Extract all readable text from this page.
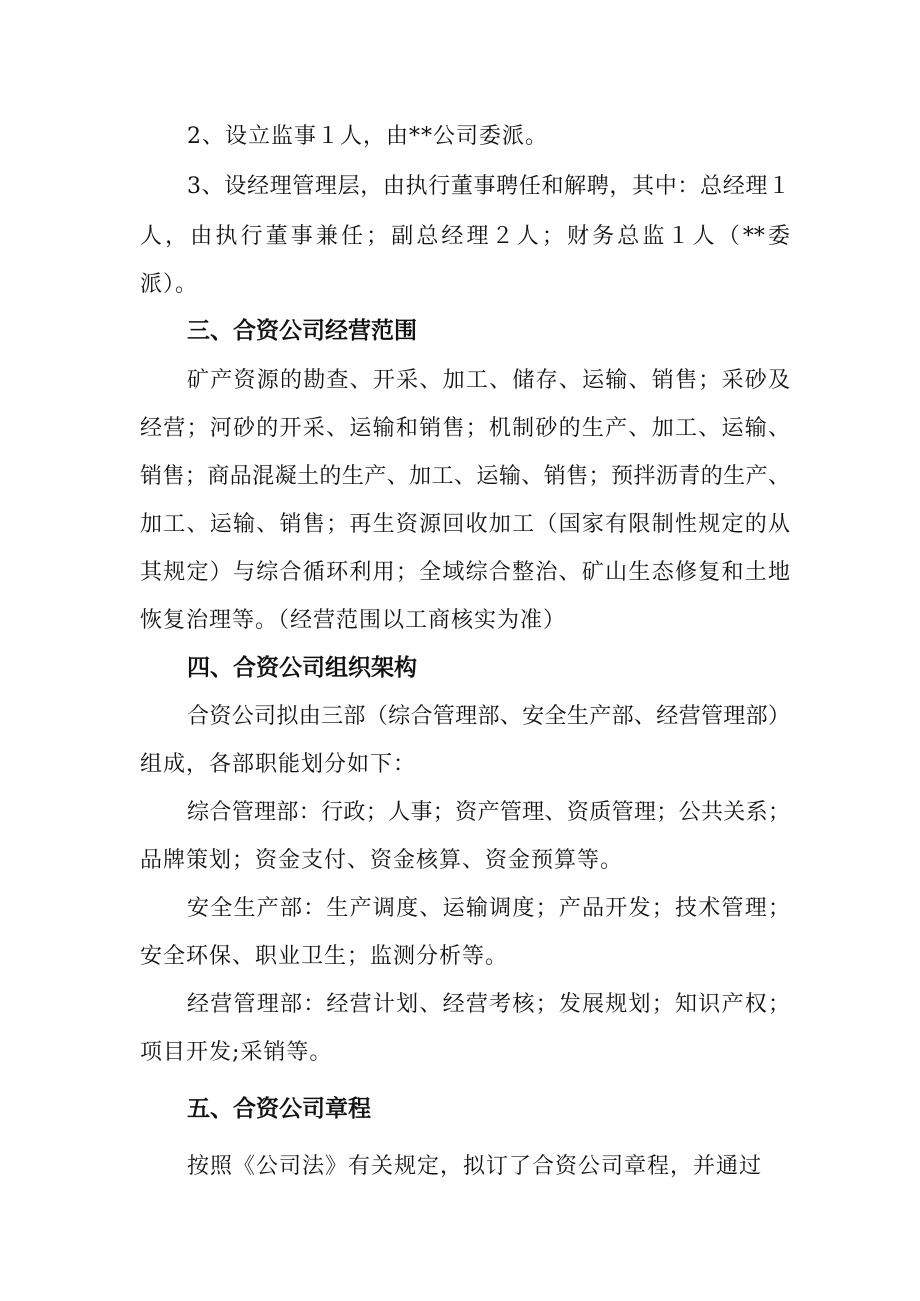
2、设立监事１人，由**公司委派。
3、设经理管理层，由执行董事聘任和解聘，其中：总经理１
人，由执行董事兼任；副总经理２人；财务总监１人（**委
派）。
三、合资公司经营范围
矿产资源的勘查、开采、加工、储存、运输、销售；采砂及
经营；河砂的开采、运输和销售；机制砂的生产、加工、运输、
销售；商品混凝土的生产、加工、运输、销售；预拌沥青的生产、
加工、运输、销售；再生资源回收加工（国家有限制性规定的从
其规定）与综合循环利用；全域综合整治、矿山生态修复和土地
恢复治理等。（经营范围以工商核实为准）
四、合资公司组织架构
合资公司拟由三部（综合管理部、安全生产部、经营管理部）
组成，各部职能划分如下：
综合管理部：行政；人事；资产管理、资质管理；公共关系；
品牌策划；资金支付、资金核算、资金预算等。
安全生产部：生产调度、运输调度；产品开发；技术管理；
安全环保、职业卫生；监测分析等。
经营管理部：经营计划、经营考核；发展规划；知识产权；
项目开发;采销等。
五、合资公司章程
按照《公司法》有关规定，拟订了合资公司章程，并通过
